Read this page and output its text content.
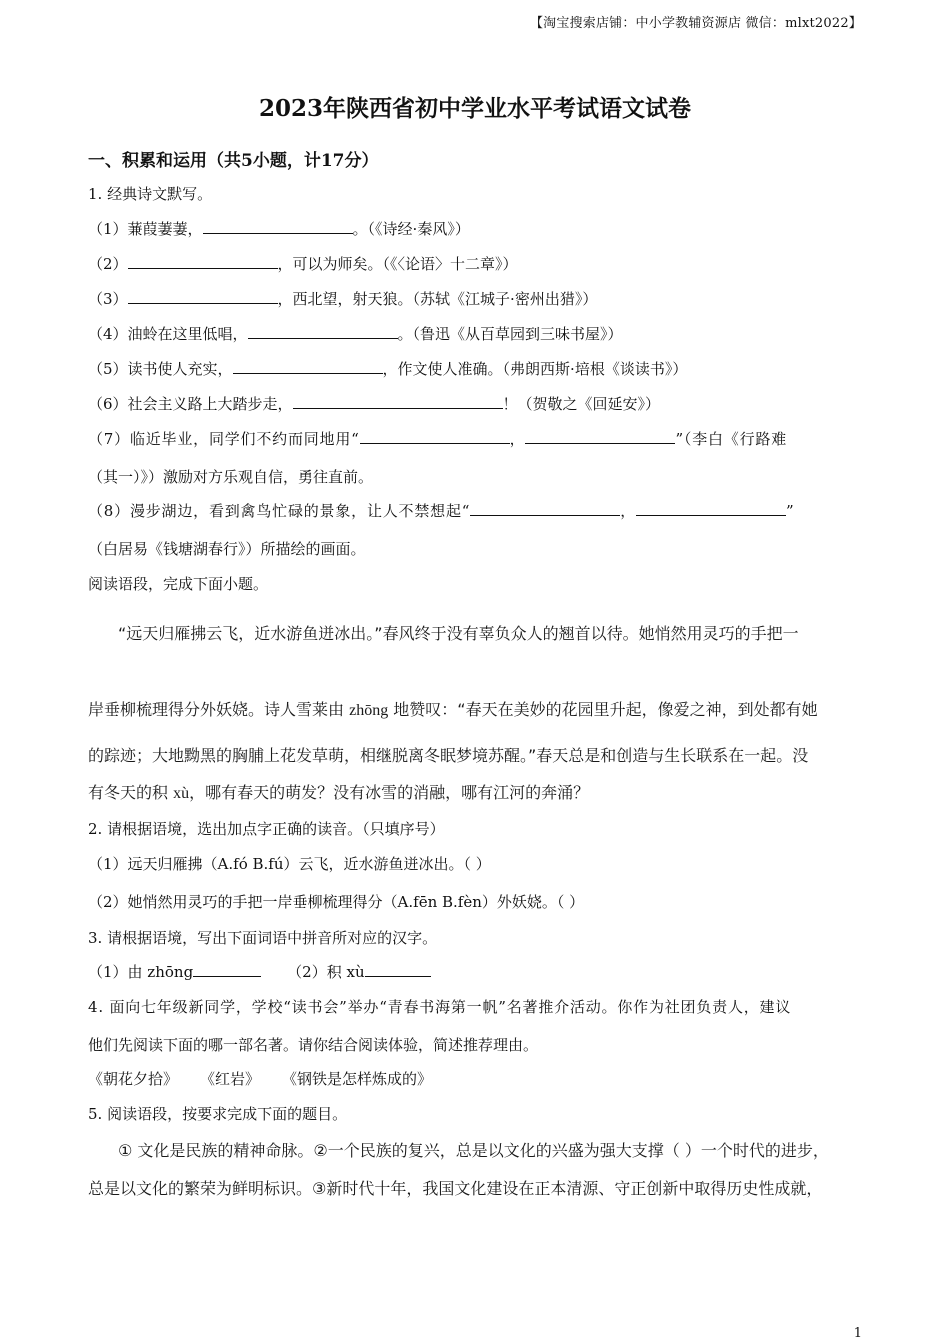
【淘宝搜索店铺：中小学教辅资源店 微信：mlxt2022】
2023年陕西省初中学业水平考试语文试卷
一、积累和运用（共5小题，计17分）
1. 经典诗文默写。
（1）蒹葭萋萋，	。（《诗经·秦风》）
（2）	，可以为师矣。（《〈论语〉十二章》）
（3）	，西北望，射天狼。（苏轼《江城子·密州出猎》）
（4）油蛉在这里低唱，	。（鲁迅《从百草园到三味书屋》）
（5）读书使人充实，	，作文使人准确。（弗朗西斯·培根《谈读书》）
（6）社会主义路上大踏步走，	！（贺敬之《回延安》）
（7）临近毕业，同学们不约而同地用“	，	”（李白《行路难
（其一）》）激励对方乐观自信，勇往直前。
（8）漫步湖边，看到禽鸟忙碌的景象，让人不禁想起“	，	”
（白居易《钱塘湖春行》）所描绘的画面。
阅读语段，完成下面小题。
“远天归雁拂云飞，近水游鱼迸冰出。”春风终于没有辜负众人的翘首以待。她悄然用灵巧的手把一
岸垂柳梳理得分外妖娆。诗人雪莱由 zhōng 地赞叹：“春天在美妙的花园里升起，像爱之神，到处都有她
的踪迹；大地黝黑的胸脯上花发草萌，相继脱离冬眠梦境苏醒。”春天总是和创造与生长联系在一起。没
有冬天的积 xù，哪有春天的萌发？没有冰雪的消融，哪有江河的奔涌？
2. 请根据语境，选出加点字正确的读音。（只填序号）
（1）远天归雁拂（A.fó B.fú）云飞，近水游鱼迸冰出。（ ）
（2）她悄然用灵巧的手把一岸垂柳梳理得分（A.fēn B.fèn）外妖娆。（ ）
3. 请根据语境，写出下面词语中拼音所对应的汉字。
（1）由 zhōng	（2）积 xù
4. 面向七年级新同学，学校“读书会”举办“青春书海第一帆”名著推介活动。你作为社团负责人，建议
他们先阅读下面的哪一部名著。请你结合阅读体验，简述推荐理由。
《朝花夕拾》 《红岩》 《钢铁是怎样炼成的》
5. 阅读语段，按要求完成下面的题目。
① 文化是民族的精神命脉。②一个民族的复兴，总是以文化的兴盛为强大支撑（ ）一个时代的进步，
总是以文化的繁荣为鲜明标识。③新时代十年，我国文化建设在正本清源、守正创新中取得历史性成就，
1
